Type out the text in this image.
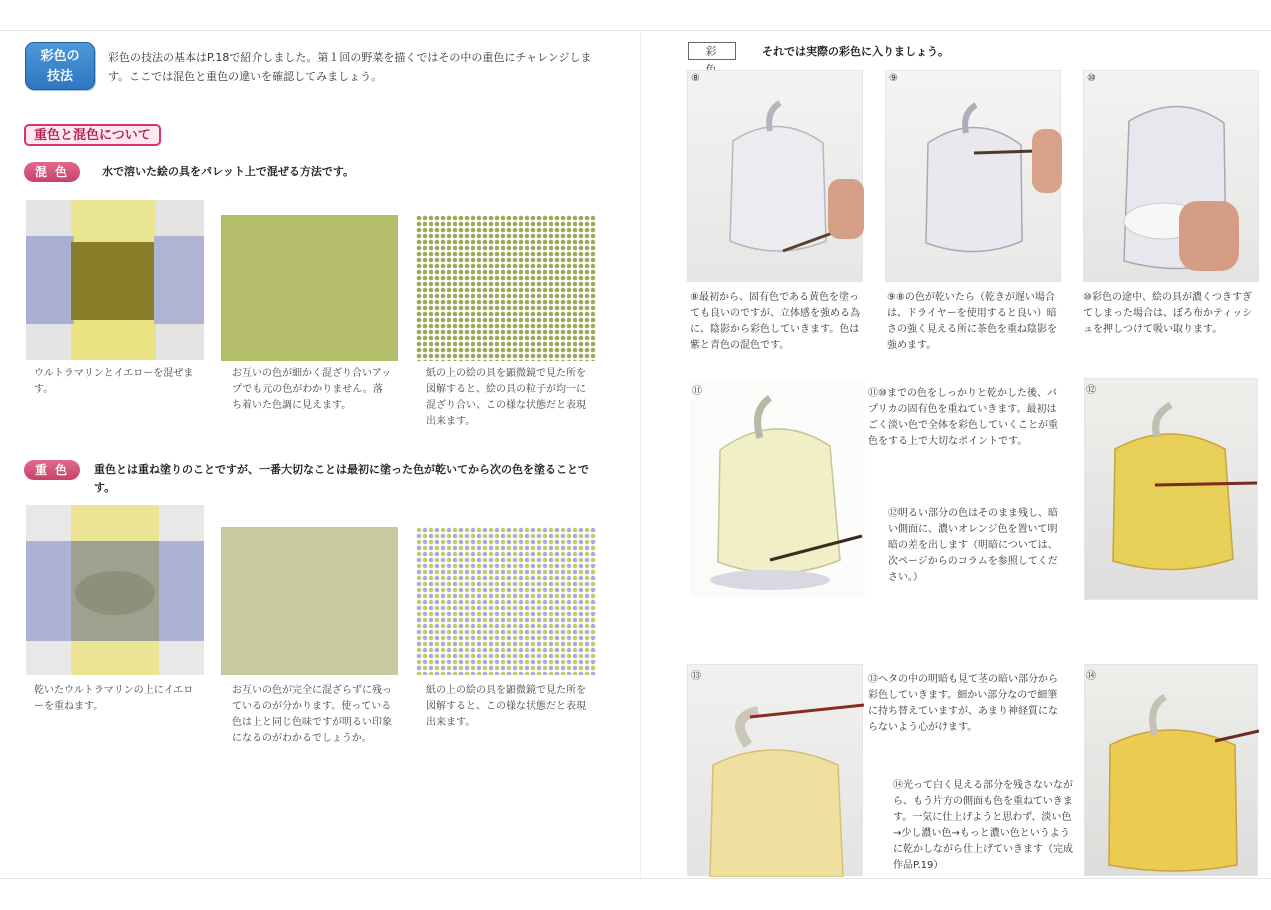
彩色の
技法
彩色の技法の基本はP.18で紹介しました。第１回の野菜を描くではその中の重色にチャレンジします。ここでは混色と重色の違いを確認してみましょう。
重色と混色について
混色	水で溶いた絵の具をパレット上で混ぜる方法です。
ウルトラマリンとイエローを混ぜます。
お互いの色が細かく混ざり合いアップでも元の色がわかりません。落ち着いた色調に見えます。
紙の上の絵の具を顕微鏡で見た所を図解すると、絵の具の粒子が均一に混ざり合い、この様な状態だと表現出来ます。
重色	重色とは重ね塗りのことですが、一番大切なことは最初に塗った色が乾いてから次の色を塗ることです。
乾いたウルトラマリンの上にイエローを重ねます。
お互いの色が完全に混ざらずに残っているのが分かります。使っている色は上と同じ色味ですが明るい印象になるのがわかるでしょうか。
紙の上の絵の具を顕微鏡で見た所を図解すると、この様な状態だと表現出来ます。
彩	それでは実際の彩色に入りましょう。
⑧
⑧最初から、固有色である黄色を塗っても良いのですが、立体感を強める為に、陰影から彩色していきます。色は紫と青色の混色です。
⑨
⑨⑧の色が乾いたら（乾きが遅い場合は、ドライヤーを使用すると良い）暗さの強く見える所に茶色を重ね陰影を強めます。
⑩
⑩彩色の途中、絵の具が濃くつきすぎてしまった場合は、ぼろ布かティッシュを押しつけて吸い取ります。
⑪	⑪⑩までの色をしっかりと乾かした後、パプリカの固有色を重ねていきます。最初はごく淡い色で全体を彩色していくことが重色をする上で大切なポイントです。
⑫
⑫明るい部分の色はそのまま残し、暗い側面に、濃いオレンジ色を置いて明暗の差を出します（明暗については、次ページからのコラムを参照してください。）
⑬	⑬ヘタの中の明暗も見て茎の暗い部分から彩色していきます。細かい部分なので細筆に持ち替えていますが、あまり神経質にならないよう心がけます。
⑭
⑭光って白く見える部分を残さないながら、もう片方の側面も色を重ねていきます。一気に仕上げようと思わず、淡い色→少し濃い色→もっと濃い色というように乾かしながら仕上げていきます（完成作品P.19）
